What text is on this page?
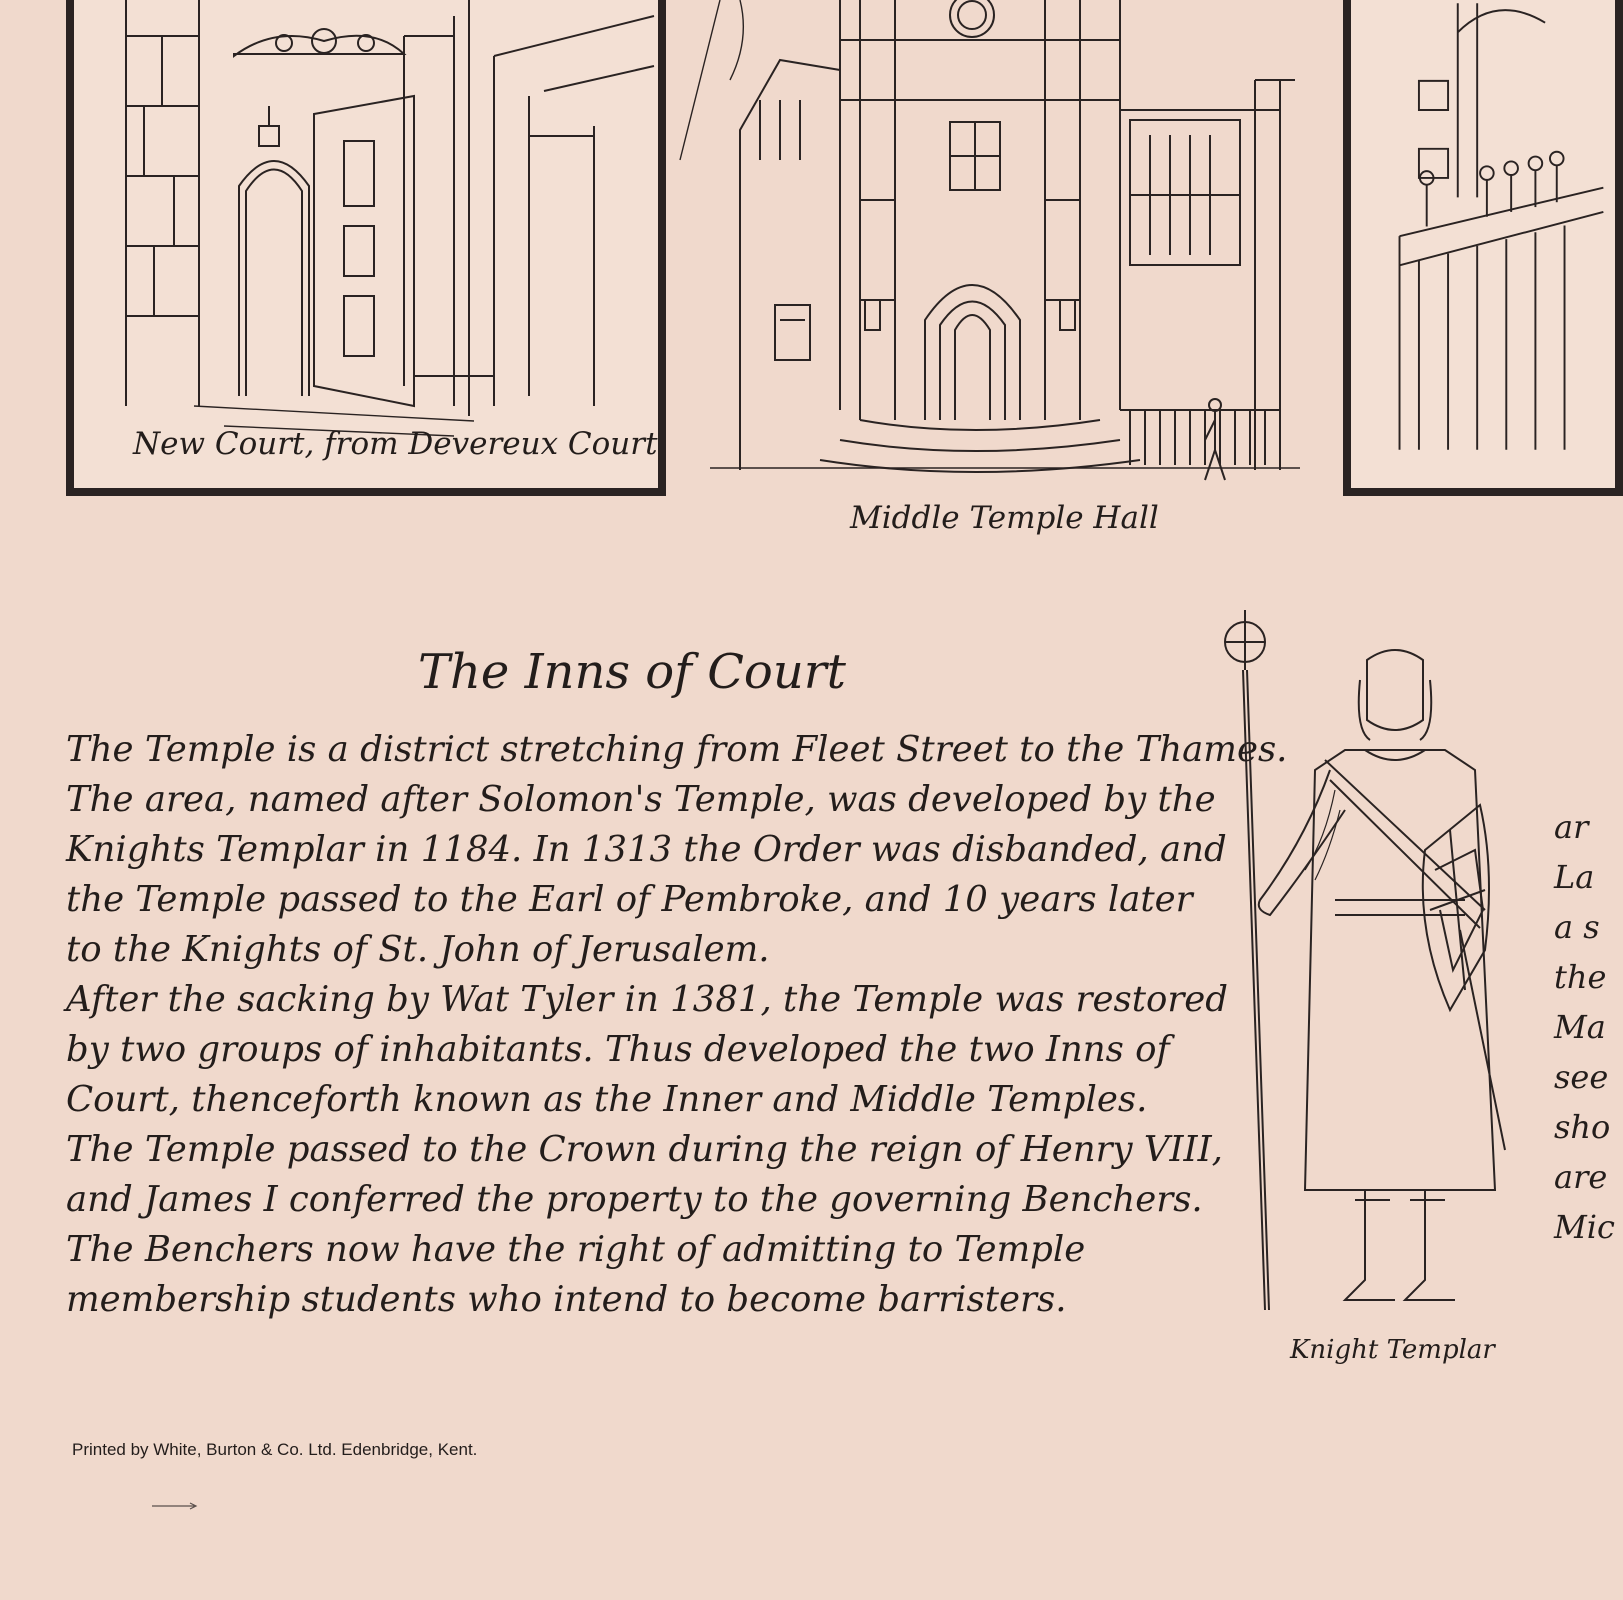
New Court, from Devereux Court
Middle Temple Hall
The Inns of Court
The Temple is a district stretching from Fleet Street to the Thames.
The area, named after Solomon's Temple, was developed by the
Knights Templar in 1184. In 1313 the Order was disbanded, and
the Temple passed to the Earl of Pembroke, and 10 years later
to the Knights of St. John of Jerusalem.
After the sacking by Wat Tyler in 1381, the Temple was restored
by two groups of inhabitants. Thus developed the two Inns of
Court, thenceforth known as the Inner and Middle Temples.
The Temple passed to the Crown during the reign of Henry VIII,
and James I conferred the property to the governing Benchers.
The Benchers now have the right of admitting to Temple
membership students who intend to become barristers.
Knight Templar
ar
La
a s
the
Ma
see
sho
are
Mic
Printed by White, Burton & Co. Ltd. Edenbridge, Kent.
